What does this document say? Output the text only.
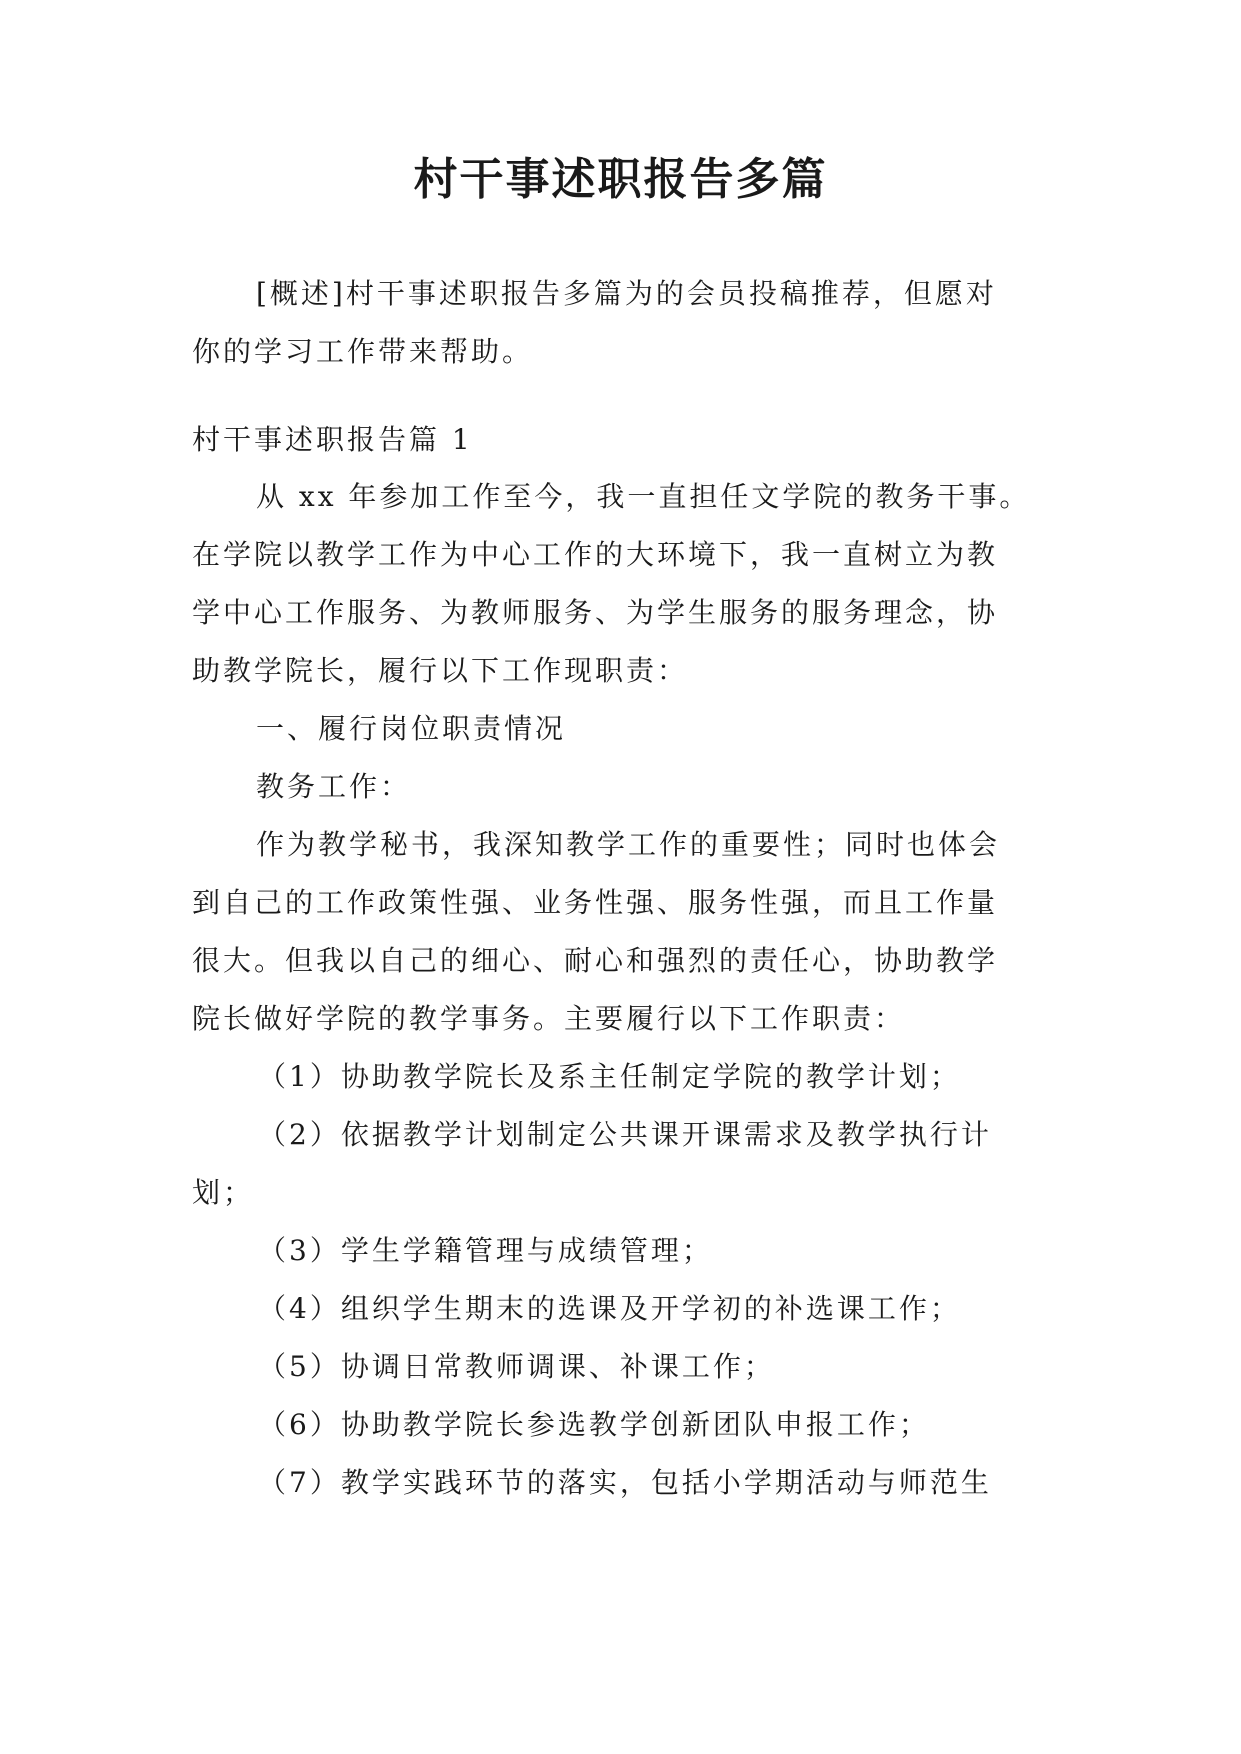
村干事述职报告多篇
[概述]村干事述职报告多篇为的会员投稿推荐，但愿对
你的学习工作带来帮助。
村干事述职报告篇 1
从 xx 年参加工作至今，我一直担任文学院的教务干事。
在学院以教学工作为中心工作的大环境下，我一直树立为教
学中心工作服务、为教师服务、为学生服务的服务理念，协
助教学院长，履行以下工作现职责：
一、履行岗位职责情况
教务工作：
作为教学秘书，我深知教学工作的重要性；同时也体会
到自己的工作政策性强、业务性强、服务性强，而且工作量
很大。但我以自己的细心、耐心和强烈的责任心，协助教学
院长做好学院的教学事务。主要履行以下工作职责：
（1）协助教学院长及系主任制定学院的教学计划；
（2）依据教学计划制定公共课开课需求及教学执行计
划；
（3）学生学籍管理与成绩管理；
（4）组织学生期末的选课及开学初的补选课工作；
（5）协调日常教师调课、补课工作；
（6）协助教学院长参选教学创新团队申报工作；
（7）教学实践环节的落实，包括小学期活动与师范生
